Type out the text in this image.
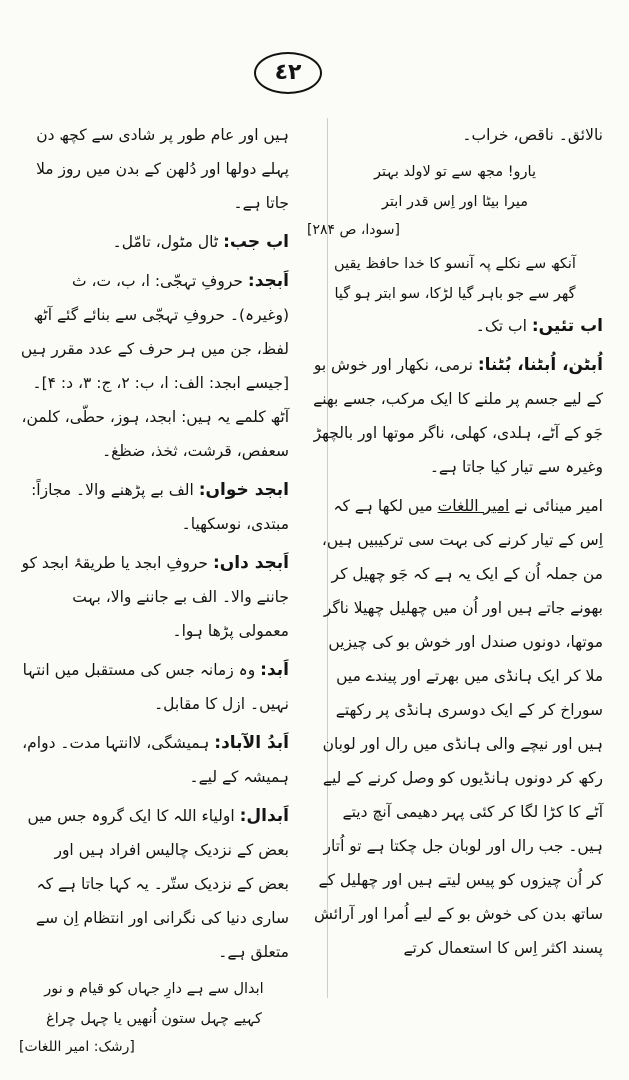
٤٢

نالائق۔ ناقص، خراب۔

یارو! مجھ سے تو لاولد بہتر
میرا بیٹا اور اِس قدر ابتر
[سودا، ص ۲۸۴]
آنکھ سے نکلے پہ آنسو کا خدا حافظ یقیں
گھر سے جو باہر گیا لڑکا، سو ابتر ہو گیا

اب تئیں: اب تک۔

اُبٹن، اُبٹنا، بُٹنا: نرمی، نکھار اور خوش بو کے لیے جسم پر ملنے کا ایک مرکب، جسے بھنے جَو کے آٹے، ہلدی، کھلی، ناگر موتھا اور بالچھڑ وغیرہ سے تیار کیا جاتا ہے۔

امیر مینائی نے امیر اللغات میں لکھا ہے کہ اِس کے تیار کرنے کی بہت سی ترکیبیں ہیں، من جملہ اُن کے ایک یہ ہے کہ جَو چھیل کر بھونے جاتے ہیں اور اُن میں چھلیل چھیلا ناگر موتھا، دونوں صندل اور خوش بو کی چیزیں ملا کر ایک ہانڈی میں بھرتے اور پیندے میں سوراخ کر کے ایک دوسری ہانڈی پر رکھتے ہیں اور نیچے والی ہانڈی میں رال اور لوبان رکھ کر دونوں ہانڈیوں کو وصل کرنے کے لیے آٹے کا کڑا لگا کر کئی پہر دھیمی آنچ دیتے ہیں۔ جب رال اور لوبان جل چکتا ہے تو اُتار کر اُن چیزوں کو پیس لیتے ہیں اور چھلیل کے ساتھ بدن کی خوش بو کے لیے اُمرا اور آرائش پسند اکثر اِس کا استعمال کرتے

ہیں اور عام طور پر شادی سے کچھ دن پہلے دولھا اور دُلھن کے بدن میں روز ملا جاتا ہے۔

اب جب: ٹال مٹول، تامّل۔

اَبجد: حروفِ تہجّی: ا، ب، ت، ث (وغیرہ)۔ حروفِ تہجّی سے بنائے گئے آٹھ لفظ، جن میں ہر حرف کے عدد مقرر ہیں [جیسے ابجد: الف: ا، ب: ۲، ج: ۳، د: ۴]۔ آٹھ کلمے یہ ہیں: ابجد، ہوز، حطّی، کلمن، سعفص، قرشت، ثخذ، ضظغ۔

ابجد خواں: الف بے پڑھنے والا۔ مجازاً: مبتدی، نوسکھیا۔

اَبجد داں: حروفِ ابجد یا طریقۂ ابجد کو جاننے والا۔ الف بے جاننے والا، بہت معمولی پڑھا ہوا۔

اَبد: وہ زمانہ جس کی مستقبل میں انتہا نہیں۔ ازل کا مقابل۔

اَبدُ الآباد: ہمیشگی، لاانتہا مدت۔ دوام، ہمیشہ کے لیے۔

اَبدال: اولیاء اللہ کا ایک گروہ جس میں بعض کے نزدیک چالیس افراد ہیں اور بعض کے نزدیک ستّر۔ یہ کہا جاتا ہے کہ ساری دنیا کی نگرانی اور انتظام اِن سے متعلق ہے۔

ابدال سے ہے دارِ جہاں کو قیام و نور
کہیے چہل ستون اُنھیں یا چہل چراغ
[رشک: امیر اللغات]
